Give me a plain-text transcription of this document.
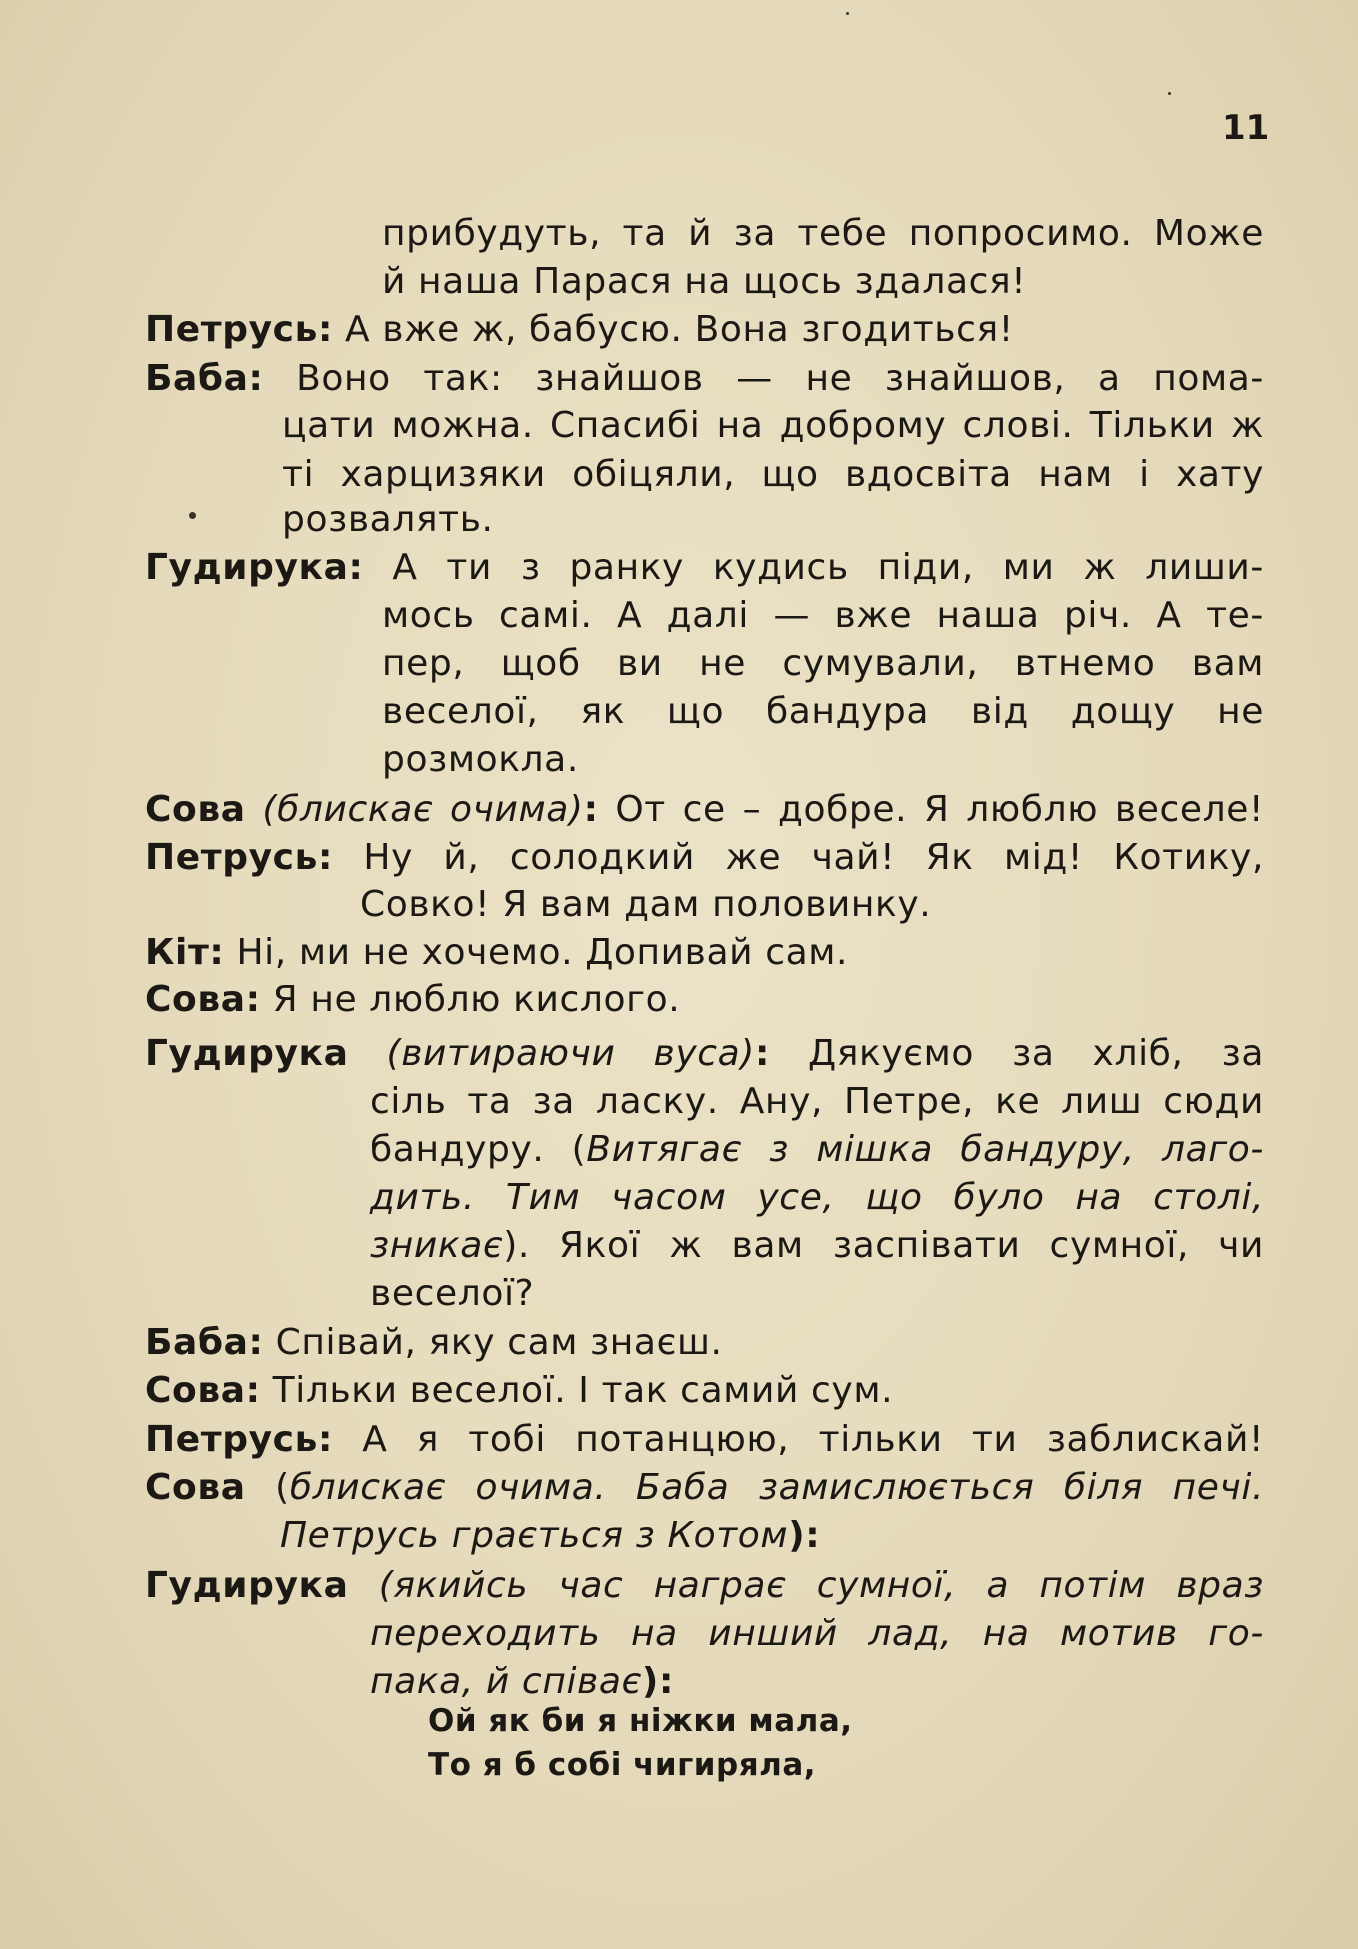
11
прибудуть, та й за тебе попросимо. Може
й наша Парася на щось здалася!
Петрусь: А вже ж, бабусю. Вона згодиться!
Баба: Воно так: знайшов — не знайшов, а пома-
цати можна. Спасибі на доброму слові. Тільки ж
ті харцизяки обіцяли, що вдосвіта нам і хату
розвалять.
Гудирука: А ти з ранку кудись піди, ми ж лиши-
мось самі. А далі — вже наша річ. А те-
пер, щоб ви не сумували, втнемо вам
веселої, як що бандура від дощу не
розмокла.
Сова (блискає очима): От се – добре. Я люблю веселе!
Петрусь: Ну й, солодкий же чай! Як мід! Котику,
Совко! Я вам дам половинку.
Кіт: Ні, ми не хочемо. Допивай сам.
Сова: Я не люблю кислого.
Гудирука (витираючи вуса): Дякуємо за хліб, за
сіль та за ласку. Ану, Петре, ке лиш сюди
бандуру. (Витягає з мішка бандуру, лаго-
дить. Тим часом усе, що було на столі,
зникає). Якої ж вам заспівати сумної, чи
веселої?
Баба: Співай, яку сам знаєш.
Сова: Тільки веселої. І так самий сум.
Петрусь: А я тобі потанцюю, тільки ти заблискай!
Сова (блискає очима. Баба замислюється біля печі.
Петрусь грається з Котом):
Гудирука (якийсь час награє сумної, а потім враз
переходить на инший лад, на мотив го-
пака, й співає):
Ой як би я ніжки мала,
То я б собі чигиряла,
